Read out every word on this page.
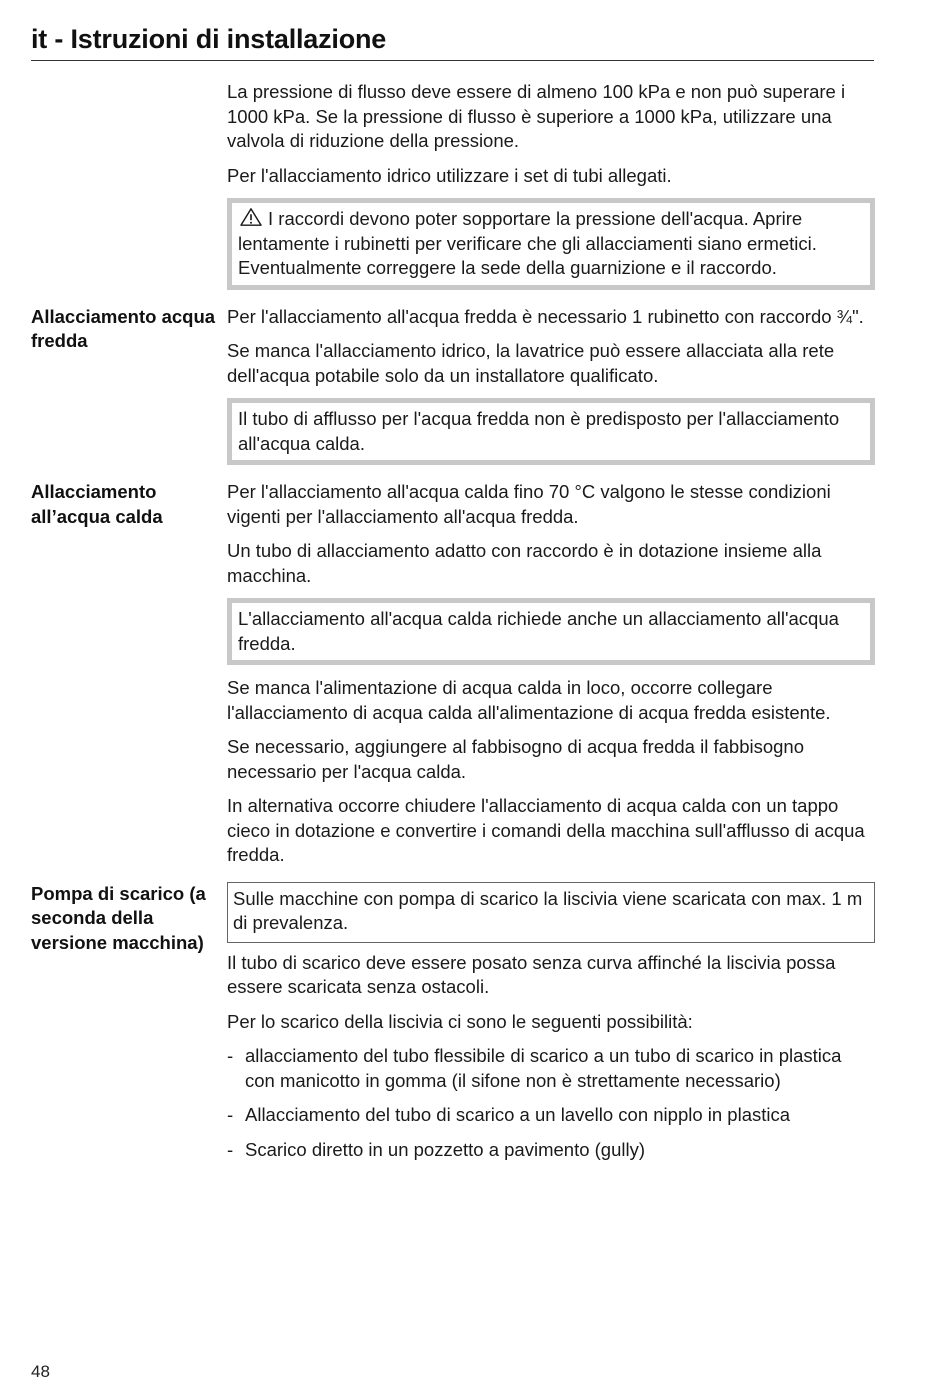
it - Istruzioni di installazione

La pressione di flusso deve essere di almeno 100 kPa e non può superare i 1000 kPa. Se la pressione di flusso è superiore a 1000 kPa, utilizzare una valvola di riduzione della pressione.

Per l'allacciamento idrico utilizzare i set di tubi allegati.

I raccordi devono poter sopportare la pressione dell'acqua. Aprire lentamente i rubinetti per verificare che gli allacciamenti siano ermetici. Eventualmente correggere la sede della guarnizione e il raccordo.

Allacciamento acqua fredda

Per l'allacciamento all'acqua fredda è necessario 1 rubinetto con raccordo ¾".

Se manca l'allacciamento idrico, la lavatrice può essere allacciata alla rete dell'acqua potabile solo da un installatore qualificato.

Il tubo di afflusso per l'acqua fredda non è predisposto per l'allacciamento all'acqua calda.

Allacciamento all’acqua calda

Per l'allacciamento all'acqua calda fino 70 °C valgono le stesse condizioni vigenti per l'allacciamento all'acqua fredda.

Un tubo di allacciamento adatto con raccordo è in dotazione insieme alla macchina.

L'allacciamento all'acqua calda richiede anche un allacciamento all'acqua fredda.

Se manca l'alimentazione di acqua calda in loco, occorre collegare l'allacciamento di acqua calda all'alimentazione di acqua fredda esistente.

Se necessario, aggiungere al fabbisogno di acqua fredda il fabbisogno necessario per l'acqua calda.

In alternativa occorre chiudere l'allacciamento di acqua calda con un tappo cieco in dotazione e convertire i comandi della macchina sull'afflusso di acqua fredda.

Pompa di scarico (a seconda della versione macchina)

Sulle macchine con pompa di scarico la liscivia viene scaricata con max. 1 m di prevalenza.

Il tubo di scarico deve essere posato senza curva affinché la liscivia possa essere scaricata senza ostacoli.

Per lo scarico della liscivia ci sono le seguenti possibilità:

- allacciamento del tubo flessibile di scarico a un tubo di scarico in plastica con manicotto in gomma (il sifone non è strettamente necessario)
- Allacciamento del tubo di scarico a un lavello con nipplo in plastica
- Scarico diretto in un pozzetto a pavimento (gully)
48
